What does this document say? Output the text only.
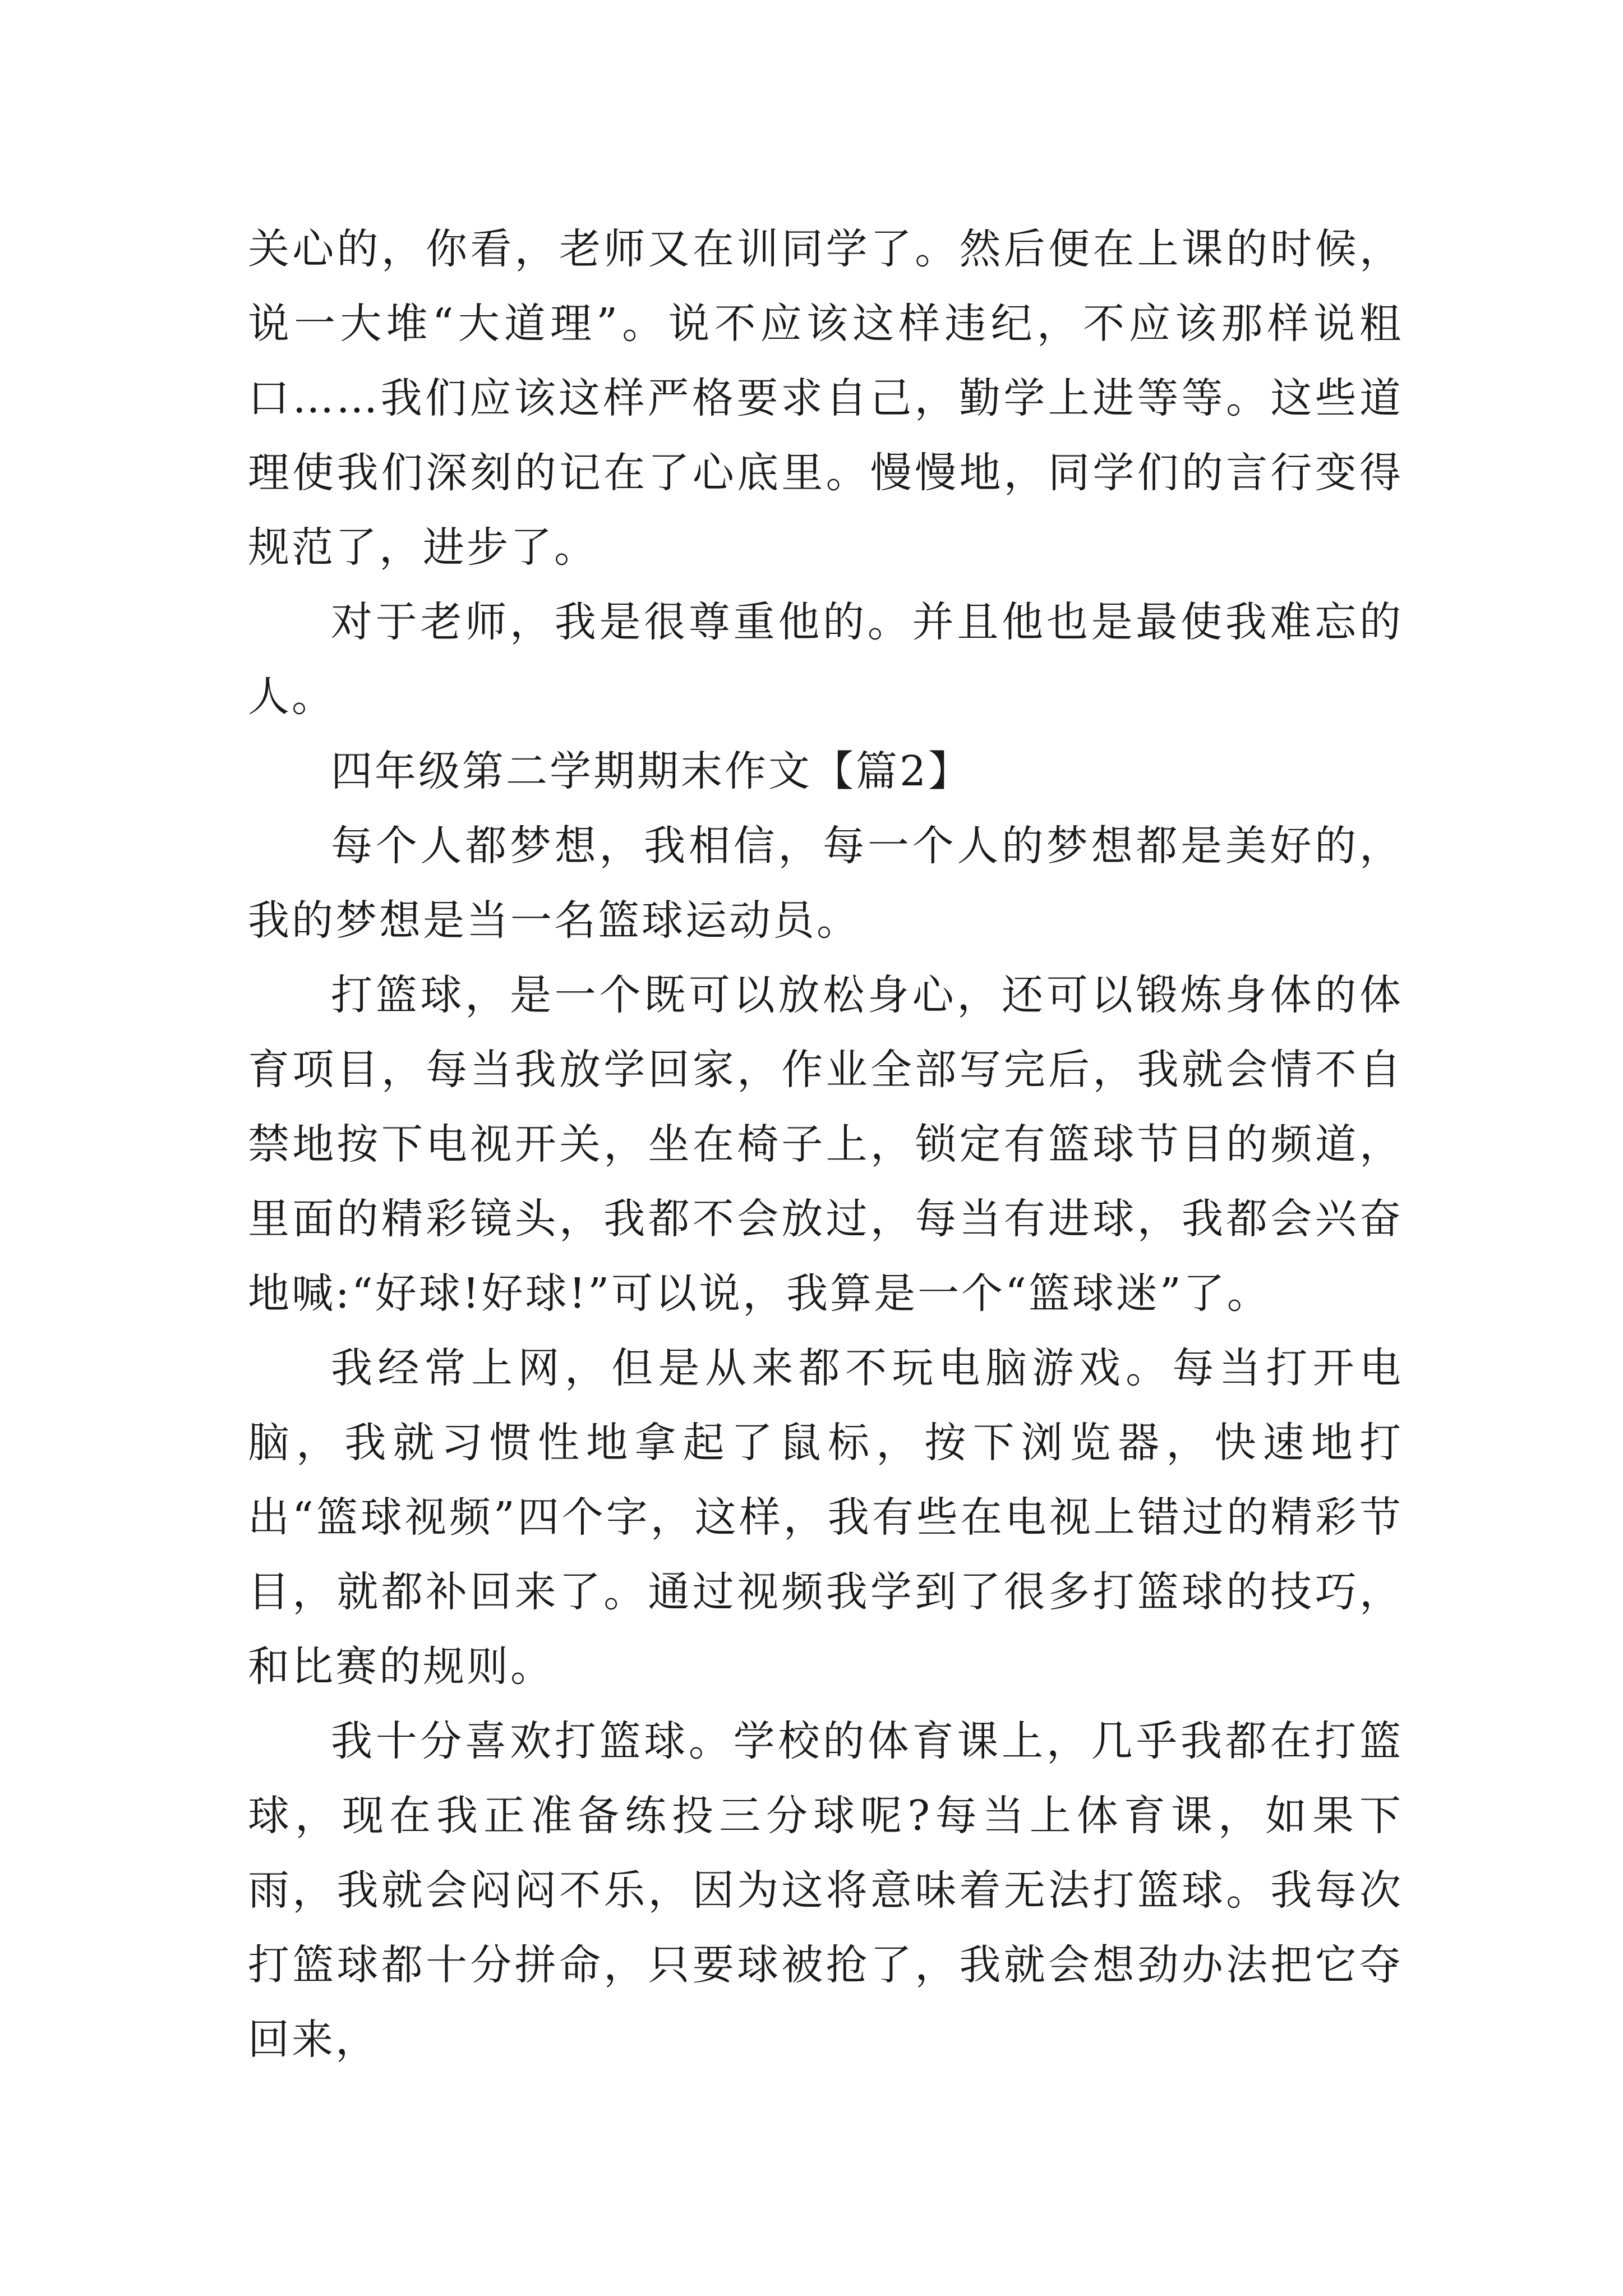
关心的，你看，老师又在训同学了。然后便在上课的时候，说一大堆“大道理”。说不应该这样违纪，不应该那样说粗口……我们应该这样严格要求自己，勤学上进等等。这些道理使我们深刻的记在了心底里。慢慢地，同学们的言行变得规范了，进步了。

对于老师，我是很尊重他的。并且他也是最使我难忘的人。

四年级第二学期期末作文【篇2】

每个人都梦想，我相信，每一个人的梦想都是美好的，我的梦想是当一名篮球运动员。

打篮球，是一个既可以放松身心，还可以锻炼身体的体育项目，每当我放学回家，作业全部写完后，我就会情不自禁地按下电视开关，坐在椅子上，锁定有篮球节目的频道，里面的精彩镜头，我都不会放过，每当有进球，我都会兴奋地喊:“好球!好球!”可以说，我算是一个“篮球迷”了。

我经常上网，但是从来都不玩电脑游戏。每当打开电脑，我就习惯性地拿起了鼠标，按下浏览器，快速地打出“篮球视频”四个字，这样，我有些在电视上错过的精彩节目，就都补回来了。通过视频我学到了很多打篮球的技巧，和比赛的规则。

我十分喜欢打篮球。学校的体育课上，几乎我都在打篮球，现在我正准备练投三分球呢?每当上体育课，如果下雨，我就会闷闷不乐，因为这将意味着无法打篮球。我每次打篮球都十分拼命，只要球被抢了，我就会想劲办法把它夺回来，
